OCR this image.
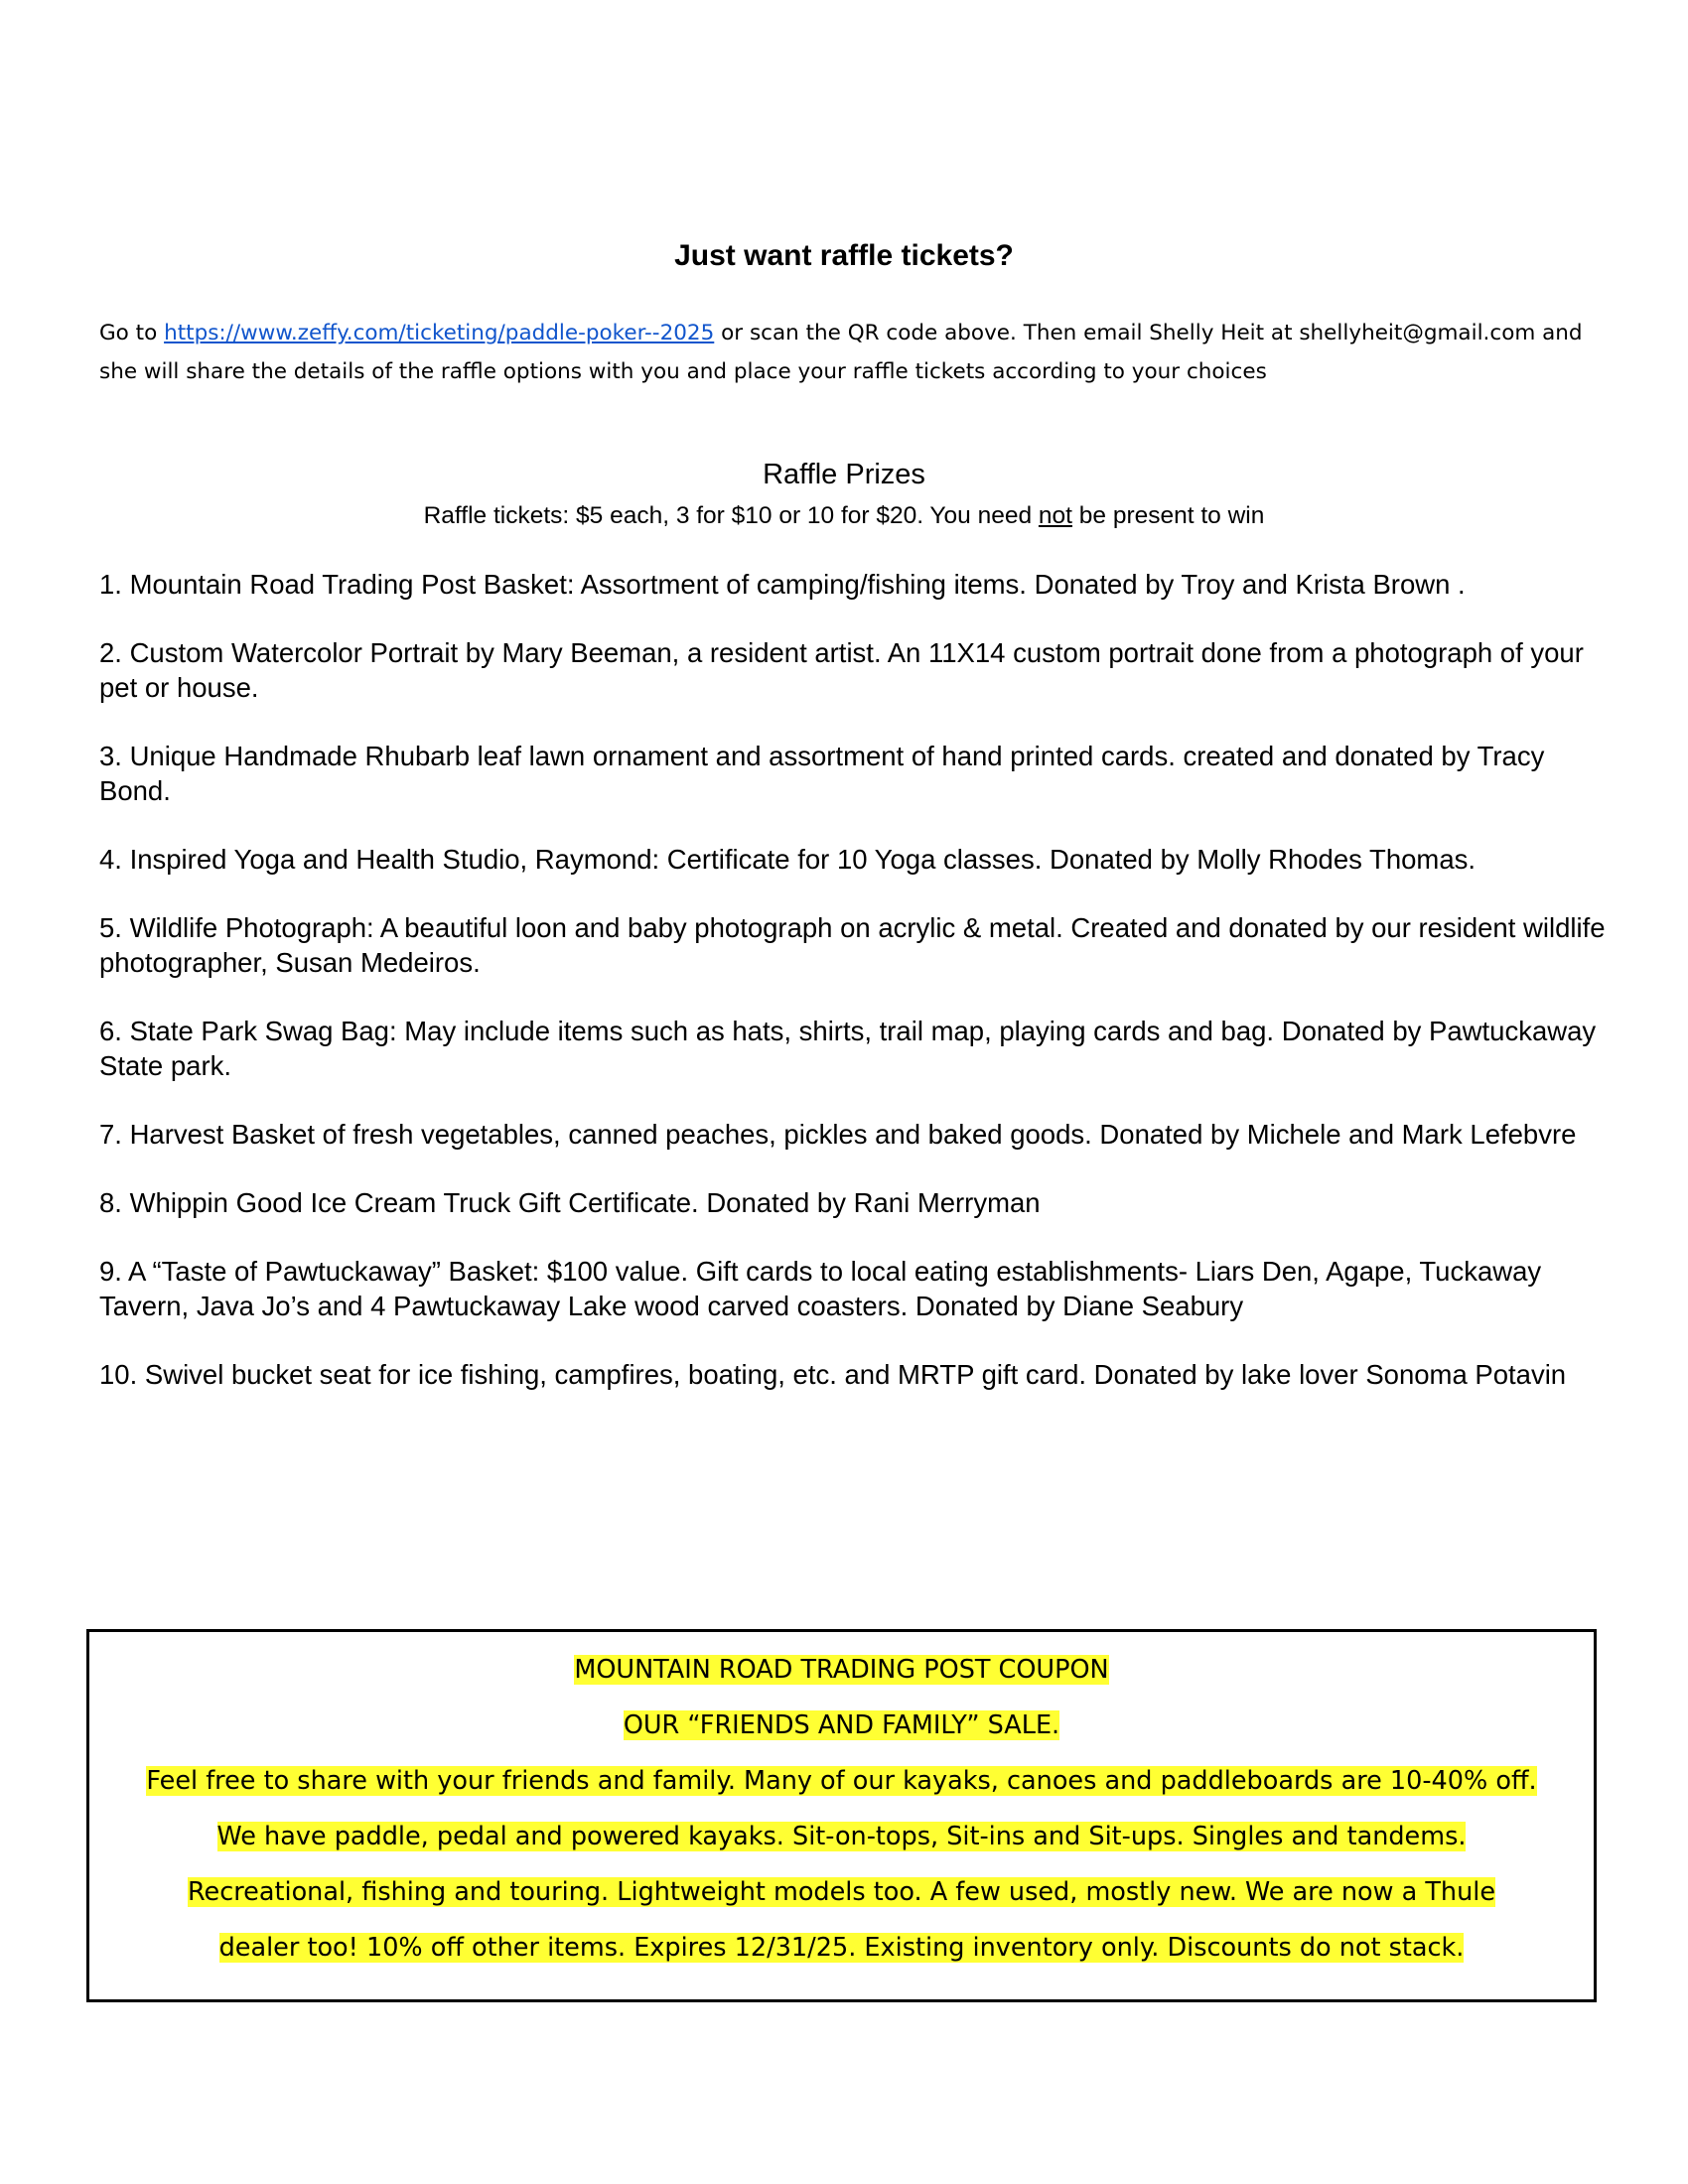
Just want raffle tickets?

Go to https://www.zeffy.com/ticketing/paddle-poker--2025 or scan the QR code above. Then email Shelly Heit at shellyheit@gmail.com and she will share the details of the raffle options with you and place your raffle tickets according to your choices

Raffle Prizes

Raffle tickets: $5 each, 3 for $10 or 10 for $20. You need not be present to win

1. Mountain Road Trading Post Basket: Assortment of camping/fishing items. Donated by Troy and Krista Brown .
2. Custom Watercolor Portrait by Mary Beeman, a resident artist. An 11X14 custom portrait done from a photograph of your pet or house.
3. Unique Handmade Rhubarb leaf lawn ornament and assortment of hand printed cards. created and donated by Tracy Bond.
4. Inspired Yoga and Health Studio, Raymond: Certificate for 10 Yoga classes. Donated by Molly Rhodes Thomas.
5. Wildlife Photograph: A beautiful loon and baby photograph on acrylic & metal. Created and donated by our resident wildlife photographer, Susan Medeiros.
6. State Park Swag Bag: May include items such as hats, shirts, trail map, playing cards and bag. Donated by Pawtuckaway State park.
7. Harvest Basket of fresh vegetables, canned peaches, pickles and baked goods. Donated by Michele and Mark Lefebvre
8. Whippin Good Ice Cream Truck Gift Certificate. Donated by Rani Merryman
9. A “Taste of Pawtuckaway” Basket: $100 value. Gift cards to local eating establishments- Liars Den, Agape, Tuckaway Tavern, Java Jo’s and 4 Pawtuckaway Lake wood carved coasters. Donated by Diane Seabury
10. Swivel bucket seat for ice fishing, campfires, boating, etc. and MRTP gift card. Donated by lake lover Sonoma Potavin
MOUNTAIN ROAD TRADING POST COUPON
OUR “FRIENDS AND FAMILY” SALE.
Feel free to share with your friends and family. Many of our kayaks, canoes and paddleboards are 10-40% off.
We have paddle, pedal and powered kayaks. Sit-on-tops, Sit-ins and Sit-ups. Singles and tandems.
Recreational, fishing and touring. Lightweight models too. A few used, mostly new. We are now a Thule
dealer too! 10% off other items. Expires 12/31/25. Existing inventory only. Discounts do not stack.
